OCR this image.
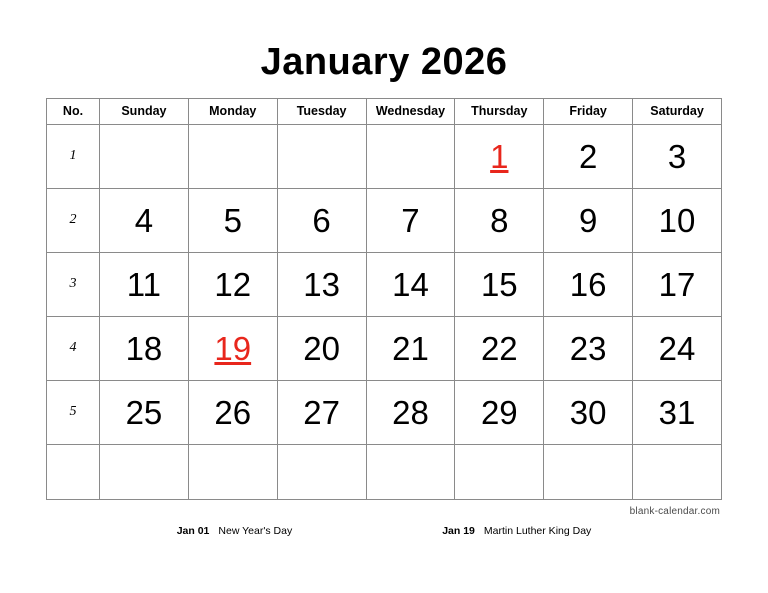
January 2026
No.	Sunday	Monday	Tuesday	Wednesday	Thursday	Friday	Saturday
1					1	2	3
2	4	5	6	7	8	9	10
3	11	12	13	14	15	16	17
4	18	19	20	21	22	23	24
5	25	26	27	28	29	30	31

blank-calendar.com
Jan 01 New Year's Day	Jan 19 Martin Luther King Day
